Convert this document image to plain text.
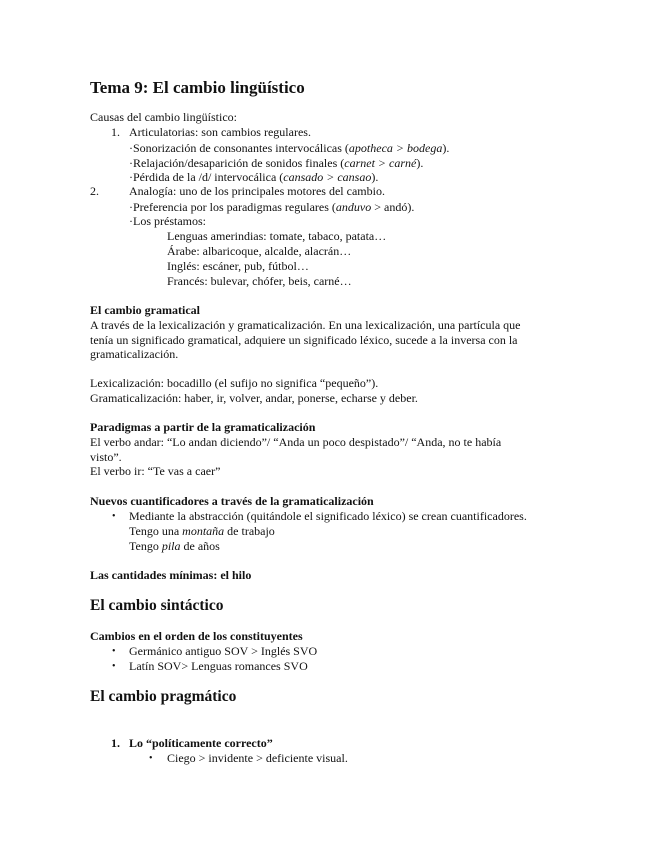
Tema 9: El cambio lingüístico
Causas del cambio lingüístico:
1. Articulatorias: son cambios regulares.
·Sonorización de consonantes intervocálicas (apotheca > bodega).
·Relajación/desaparición de sonidos finales (carnet > carné).
·Pérdida de la /d/ intervocálica (cansado > cansao).
2.	Analogía: uno de los principales motores del cambio.
·Preferencia por los paradigmas regulares (anduvo > andó).
·Los préstamos:
Lenguas amerindias: tomate, tabaco, patata…
Árabe: albaricoque, alcalde, alacrán…
Inglés: escáner, pub, fútbol…
Francés: bulevar, chófer, beis, carné…
El cambio gramatical
A través de la lexicalización y gramaticalización. En una lexicalización, una partícula que
tenía un significado gramatical, adquiere un significado léxico, sucede a la inversa con la
gramaticalización.
Lexicalización: bocadillo (el sufijo no significa “pequeño”).
Gramaticalización: haber, ir, volver, andar, ponerse, echarse y deber.
Paradigmas a partir de la gramaticalización
El verbo andar: “Lo andan diciendo”/ “Anda un poco despistado”/ “Anda, no te había
visto”.
El verbo ir: “Te vas a caer”
Nuevos cuantificadores a través de la gramaticalización
• Mediante la abstracción (quitándole el significado léxico) se crean cuantificadores.
Tengo una montaña de trabajo
Tengo pila de años
Las cantidades mínimas: el hilo
El cambio sintáctico
Cambios en el orden de los constituyentes
• Germánico antiguo SOV > Inglés SVO
• Latín SOV> Lenguas romances SVO
El cambio pragmático
1. Lo “políticamente correcto”
• Ciego > invidente > deficiente visual.
